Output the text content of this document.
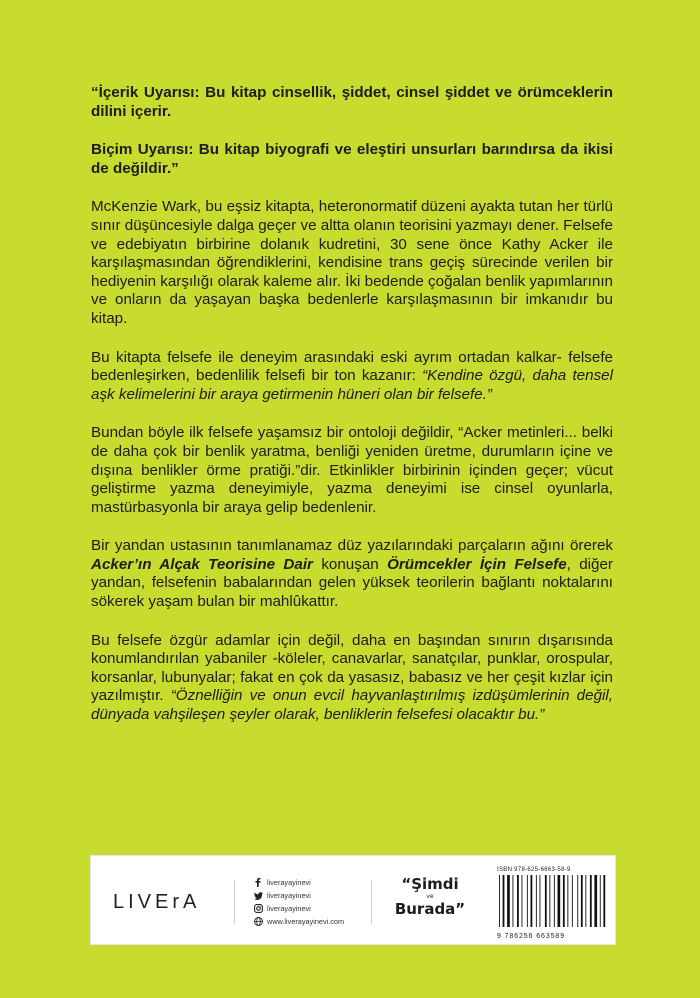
“İçerik Uyarısı: Bu kitap cinsellik, şiddet, cinsel şiddet ve örümceklerin dilini içerir.

Biçim Uyarısı: Bu kitap biyografi ve eleştiri unsurları barındırsa da ikisi de değildir.”

McKenzie Wark, bu eşsiz kitapta, heteronormatif düzeni ayakta tutan her türlü sınır düşüncesiyle dalga geçer ve altta olanın teorisini yazmayı dener. Felsefe ve edebiyatın birbirine dolanık kudretini, 30 sene önce Kathy Acker ile karşılaşmasından öğrendiklerini, kendisine trans geçiş sürecinde verilen bir hediyenin karşılığı olarak kaleme alır. İki bedende çoğalan benlik yapımlarının ve onların da yaşayan başka bedenlerle karşılaşmasının bir imkanıdır bu kitap.

Bu kitapta felsefe ile deneyim arasındaki eski ayrım ortadan kalkar- felsefe bedenleşirken, bedenlilik felsefi bir ton kazanır: “Kendine özgü, daha tensel aşk kelimelerini bir araya getirmenin hüneri olan bir felsefe.”

Bundan böyle ilk felsefe yaşamsız bir ontoloji değildir, “Acker metinleri... belki de daha çok bir benlik yaratma, benliği yeniden üretme, durumların içine ve dışına benlikler örme pratiği.”dir. Etkinlikler birbirinin içinden geçer; vücut geliştirme yazma deneyimiyle, yazma deneyimi ise cinsel oyunlarla, mastürbasyonla bir araya gelip bedenlenir.

Bir yandan ustasının tanımlanamaz düz yazılarındaki parçaların ağını örerek Acker’ın Alçak Teorisine Dair konuşan Örümcekler İçin Felsefe, diğer yandan, felsefenin babalarından gelen yüksek teorilerin bağlantı noktalarını sökerek yaşam bulan bir mahlûkattır.

Bu felsefe özgür adamlar için değil, daha en başından sınırın dışarısında konumlandırılan yabaniler -köleler, canavarlar, sanatçılar, punklar, orospular, korsanlar, lubunyalar; fakat en çok da yasasız, babasız ve her çeşit kızlar için yazılmıştır. “Öznelliğin ve onun evcil hayvanlaştırılmış izdüşümlerinin değil, dünyada vahşileşen şeyler olarak, benliklerin felsefesi olacaktır bu.”

LIVErA
liverayayinevi
liverayayinevi
liverayayinevi
www.liverayayinevi.com
“Şimdi
ve
Burada”
ISBN 978-625-6663-58-9
9 786256 663589
